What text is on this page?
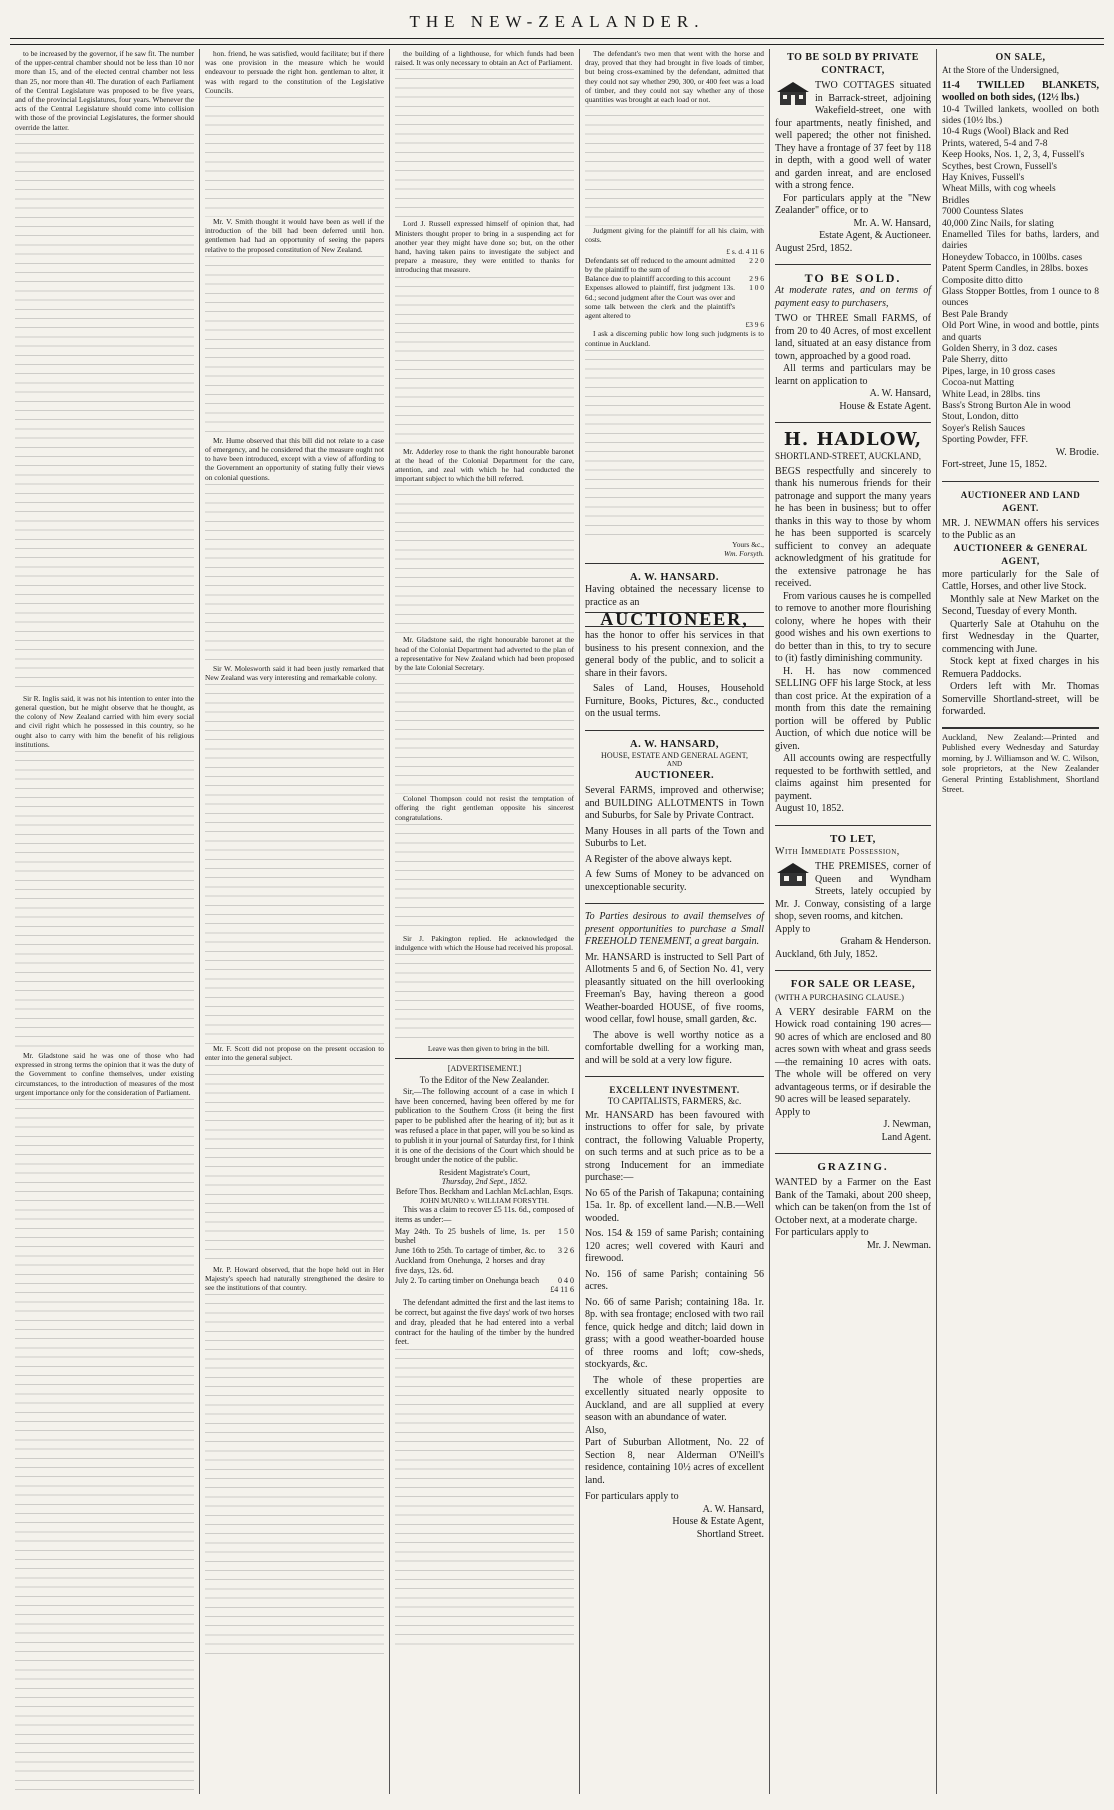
THE NEW-ZEALANDER.

to be increased by the governor, if he saw fit. The number of the upper-central chamber should not be less than 10 nor more than 15, and of the elected central chamber not less than 25, nor more than 40. The duration of each Parliament of the Central Legislature was proposed to be five years, and of the provincial Legislatures, four years. Whenever the acts of the Central Legislature should come into collision with those of the provincial Legislatures, the former should override the latter.

Sir R. Inglis said, it was not his intention to enter into the general question, but he might observe that he thought, as the colony of New Zealand carried with him every social and civil right which he possessed in this country, so he ought also to carry with him the benefit of his religious institutions.

Mr. Gladstone said he was one of those who had expressed in strong terms the opinion that it was the duty of the Government to confine themselves, under existing circumstances, to the introduction of measures of the most urgent importance only for the consideration of Parliament.

hon. friend, he was satisfied, would facilitate; but if there was one provision in the measure which he would endeavour to persuade the right hon. gentleman to alter, it was with regard to the constitution of the Legislative Councils.

Mr. V. Smith thought it would have been as well if the introduction of the bill had been deferred until hon. gentlemen had had an opportunity of seeing the papers relative to the proposed constitution of New Zealand.

Mr. Hume observed that this bill did not relate to a case of emergency, and he considered that the measure ought not to have been introduced, except with a view of affording to the Government an opportunity of stating fully their views on colonial questions.

Sir W. Molesworth said it had been justly remarked that New Zealand was very interesting and remarkable colony.

Mr. F. Scott did not propose on the present occasion to enter into the general subject.

Mr. P. Howard observed, that the hope held out in Her Majesty's speech had naturally strengthened the desire to see the institutions of that country.

the building of a lighthouse, for which funds had been raised. It was only necessary to obtain an Act of Parliament.

Lord J. Russell expressed himself of opinion that, had Ministers thought proper to bring in a suspending act for another year they might have done so; but, on the other hand, having taken pains to investigate the subject and prepare a measure, they were entitled to thanks for introducing that measure.

Mr. Adderley rose to thank the right honourable baronet at the head of the Colonial Department for the care, attention, and zeal with which he had conducted the important subject to which the bill referred.

Mr. Gladstone said, the right honourable baronet at the head of the Colonial Department had adverted to the plan of a representative for New Zealand which had been proposed by the late Colonial Secretary.

Colonel Thompson could not resist the temptation of offering the right gentleman opposite his sincerest congratulations.

Sir J. Pakington replied. He acknowledged the indulgence with which the House had received his proposal.

Leave was then given to bring in the bill.

[ADVERTISEMENT.]
To the Editor of the New Zealander.

Sir,—The following account of a case in which I have been concerned, having been offered by me for publication to the Southern Cross (it being the first paper to be published after the hearing of it); but as it was refused a place in that paper, will you be so kind as to publish it in your journal of Saturday first, for I think it is one of the decisions of the Court which should be brought under the notice of the public.

Resident Magistrate's Court,
Thursday, 2nd Sept., 1852.
Before Thos. Beckham and Lachlan McLachlan, Esqrs.
JOHN MUNRO v. WILLIAM FORSYTH.

This was a claim to recover £5 11s. 6d., composed of items as under:—

May 24th. To 25 bushels of lime, 1s. per bushel
1 5 0
June 16th to 25th. To cartage of timber, &c. to Auckland from Onehunga, 2 horses and dray five days, 12s. 6d.
3 2 6
July 2. To carting timber on Onehunga beach	0 4 0
£4 11 6

The defendant admitted the first and the last items to be correct, but against the five days' work of two horses and dray, pleaded that he had entered into a verbal contract for the hauling of the timber by the hundred feet.

The defendant's two men that went with the horse and dray, proved that they had brought in five loads of timber, but being cross-examined by the defendant, admitted that they could not say whether 290, 300, or 400 feet was a load of timber, and they could not say whether any of those quantities was brought at each load or not.

Judgment giving for the plaintiff for all his claim, with costs.

£ s. d. 4 11 6
Defendants set off reduced to the amount admitted by the plaintiff to the sum of
2 2 0
Balance due to plaintiff according to this account	2 9 6
Expenses allowed to plaintiff, first judgment 13s. 6d.; second judgment after the Court was over and some talk between the clerk and the plaintiff's agent altered to
1 0 0
£3 9 6

I ask a discerning public how long such judgments is to continue in Auckland.

Yours &c.,
Wm. Forsyth.
A. W. HANSARD.
Having obtained the necessary license to practice as an
AUCTIONEER,
has the honor to offer his services in that business to his present connexion, and the general body of the public, and to solicit a share in their favors.
Sales of Land, Houses, Household Furniture, Books, Pictures, &c., conducted on the usual terms.
A. W. HANSARD,
HOUSE, ESTATE AND GENERAL AGENT,
AND
AUCTIONEER.
Several FARMS, improved and otherwise; and BUILDING ALLOTMENTS in Town and Suburbs, for Sale by Private Contract.
Many Houses in all parts of the Town and Suburbs to Let.
A Register of the above always kept.
A few Sums of Money to be advanced on unexceptionable security.
To Parties desirous to avail themselves of present opportunities to purchase a Small FREEHOLD TENEMENT, a great bargain.
Mr. HANSARD is instructed to Sell Part of Allotments 5 and 6, of Section No. 41, very pleasantly situated on the hill overlooking Freeman's Bay, having thereon a good Weather-boarded HOUSE, of five rooms, wood cellar, fowl house, small garden, &c.
The above is well worthy notice as a comfortable dwelling for a working man, and will be sold at a very low figure.
EXCELLENT INVESTMENT.
TO CAPITALISTS, FARMERS, &c.
Mr. HANSARD has been favoured with instructions to offer for sale, by private contract, the following Valuable Property, on such terms and at such price as to be a strong Inducement for an immediate purchase:—
No 65 of the Parish of Takapuna; containing 15a. 1r. 8p. of excellent land.—N.B.—Well wooded.
Nos. 154 & 159 of same Parish; containing 120 acres; well covered with Kauri and firewood.
No. 156 of same Parish; containing 56 acres.
No. 66 of same Parish; containing 18a. 1r. 8p. with sea frontage; enclosed with two rail fence, quick hedge and ditch; laid down in grass; with a good weather-boarded house of three rooms and loft; cow-sheds, stockyards, &c.
The whole of these properties are excellently situated nearly opposite to Auckland, and are all supplied at every season with an abundance of water.
Also,
Part of Suburban Allotment, No. 22 of Section 8, near Alderman O'Neill's residence, containing 10½ acres of excellent land.
For particulars apply to
A. W. Hansard,
House & Estate Agent,
Shortland Street.
TO BE SOLD BY PRIVATE CONTRACT,
TWO COTTAGES situated in Barrack-street, adjoining Wakefield-street, one with four apartments, neatly finished, and well papered; the other not finished. They have a frontage of 37 feet by 118 in depth, with a good well of water and garden inreat, and are enclosed with a strong fence.
For particulars apply at the "New Zealander" office, or to
Mr. A. W. Hansard,
Estate Agent, & Auctioneer.
August 25rd, 1852.
TO BE SOLD.
At moderate rates, and on terms of payment easy to purchasers,
TWO or THREE Small FARMS, of from 20 to 40 Acres, of most excellent land, situated at an easy distance from town, approached by a good road.
All terms and particulars may be learnt on application to
A. W. Hansard,
House & Estate Agent.
H. HADLOW,
SHORTLAND-STREET, AUCKLAND,
BEGS respectfully and sincerely to thank his numerous friends for their patronage and support the many years he has been in business; but to offer thanks in this way to those by whom he has been supported is scarcely sufficient to convey an adequate acknowledgment of his gratitude for the extensive patronage he has received.
From various causes he is compelled to remove to another more flourishing colony, where he hopes with their good wishes and his own exertions to do better than in this, to try to secure to (it) fastly diminishing community.
H. H. has now commenced SELLING OFF his large Stock, at less than cost price. At the expiration of a month from this date the remaining portion will be offered by Public Auction, of which due notice will be given.
All accounts owing are respectfully requested to be forthwith settled, and claims against him presented for payment.
August 10, 1852.
TO LET,
With Immediate Possession,
THE PREMISES, corner of Queen and Wyndham Streets, lately occupied by Mr. J. Conway, consisting of a large shop, seven rooms, and kitchen.
Apply to
Graham & Henderson.
Auckland, 6th July, 1852.
FOR SALE OR LEASE,
(WITH A PURCHASING CLAUSE.)
A VERY desirable FARM on the Howick road containing 190 acres—90 acres of which are enclosed and 80 acres sown with wheat and grass seeds—the remaining 10 acres with oats. The whole will be offered on very advantageous terms, or if desirable the 90 acres will be leased separately.
Apply to
J. Newman,
Land Agent.
GRAZING.
WANTED by a Farmer on the East Bank of the Tamaki, about 200 sheep, which can be taken(on from the 1st of October next, at a moderate charge.
For particulars apply to
Mr. J. Newman.
ON SALE,
At the Store of the Undersigned,
11-4 TWILLED BLANKETS, woolled on both sides, (12½ lbs.)
10-4 Twilled lankets, woolled on both sides (10½ lbs.)
10-4 Rugs (Wool) Black and Red
Prints, watered, 5-4 and 7-8
Keep Hooks, Nos. 1, 2, 3, 4, Fussell's
Scythes, best Crown, Fussell's
Hay Knives, Fussell's
Wheat Mills, with cog wheels
Bridles
7000 Countess Slates
40,000 Zinc Nails, for slating
Enamelled Tiles for baths, larders, and dairies
Honeydew Tobacco, in 100lbs. cases
Patent Sperm Candles, in 28lbs. boxes
Composite ditto ditto
Glass Stopper Bottles, from 1 ounce to 8 ounces
Best Pale Brandy
Old Port Wine, in wood and bottle, pints and quarts
Golden Sherry, in 3 doz. cases
Pale Sherry, ditto
Pipes, large, in 10 gross cases
Cocoa-nut Matting
White Lead, in 28lbs. tins
Bass's Strong Burton Ale in wood
Stout, London, ditto
Soyer's Relish Sauces
Sporting Powder, FFF.
W. Brodie.
Fort-street, June 15, 1852.
AUCTIONEER AND LAND AGENT.
MR. J. NEWMAN offers his services to the Public as an
AUCTIONEER & GENERAL AGENT,
more particularly for the Sale of Cattle, Horses, and other live Stock.
Monthly sale at New Market on the Second, Tuesday of every Month.
Quarterly Sale at Otahuhu on the first Wednesday in the Quarter, commencing with June.
Stock kept at fixed charges in his Remuera Paddocks.
Orders left with Mr. Thomas Somerville Shortland-street, will be forwarded.
Auckland, New Zealand:—Printed and Published every Wednesday and Saturday morning, by J. Williamson and W. C. Wilson, sole proprietors, at the New Zealander General Printing Establishment, Shortland Street.
